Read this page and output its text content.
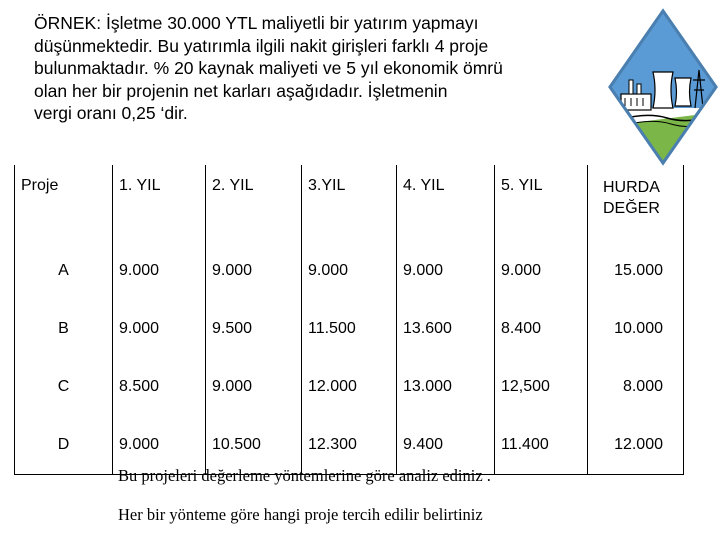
ÖRNEK: İşletme 30.000 YTL maliyetli bir yatırım yapmayı
düşünmektedir. Bu yatırımla ilgili nakit girişleri farklı 4 proje
bulunmaktadır. % 20 kaynak maliyeti ve 5 yıl ekonomik ömrü
olan her bir projenin net karları aşağıdadır. İşletmenin
vergi oranı 0,25 ‘dir.

Proje	1. YIL	2. YIL	3.YIL	4. YIL	5. YIL	HURDA
DEĞER
A	9.000	9.000	9.000	9.000	9.000	15.000
B	9.000	9.500	11.500	13.600	8.400	10.000
C	8.500	9.000	12.000	13.000	12,500	8.000
D	9.000	10.500	12.300	9.400	11.400	12.000

Bu projeleri değerleme yöntemlerine göre analiz ediniz .

Her bir yönteme göre hangi proje tercih edilir belirtiniz
